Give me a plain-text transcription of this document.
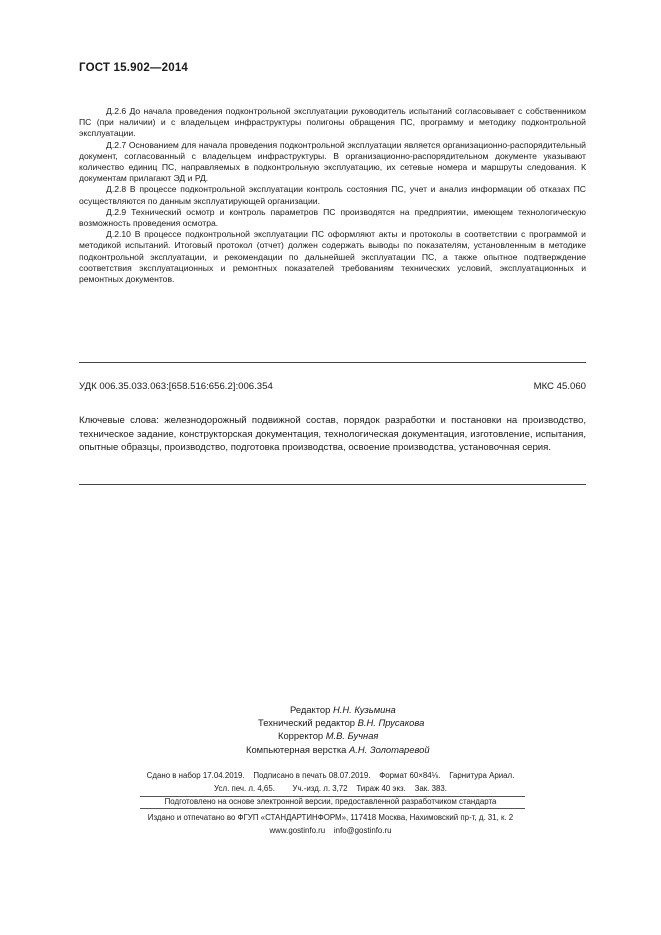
ГОСТ 15.902—2014

Д.2.6 До начала проведения подконтрольной эксплуатации руководитель испытаний согласовывает с собственником ПС (при наличии) и с владельцем инфраструктуры полигоны обращения ПС, программу и методику подконтрольной эксплуатации.

Д.2.7 Основанием для начала проведения подконтрольной эксплуатации является организационно-распорядительный документ, согласованный с владельцем инфраструктуры. В организационно-распорядительном документе указывают количество единиц ПС, направляемых в подконтрольную эксплуатацию, их сетевые номера и маршруты следования. К документам прилагают ЭД и РД.

Д.2.8 В процессе подконтрольной эксплуатации контроль состояния ПС, учет и анализ информации об отказах ПС осуществляются по данным эксплуатирующей организации.

Д.2.9 Технический осмотр и контроль параметров ПС производятся на предприятии, имеющем технологическую возможность проведения осмотра.

Д.2.10 В процессе подконтрольной эксплуатации ПС оформляют акты и протоколы в соответствии с программой и методикой испытаний. Итоговый протокол (отчет) должен содержать выводы по показателям, установленным в методике подконтрольной эксплуатации, и рекомендации по дальнейшей эксплуатации ПС, а также опытное подтверждение соответствия эксплуатационных и ремонтных показателей требованиям технических условий, эксплуатационных и ремонтных документов.

УДК 006.35.033.063:[658.516:656.2]:006.354	МКС 45.060
Ключевые слова: железнодорожный подвижной состав, порядок разработки и постановки на производство, техническое задание, конструкторская документация, технологическая документация, изготовление, испытания, опытные образцы, производство, подготовка производства, освоение производства, установочная серия.
Редактор Н.Н. Кузьмина
Технический редактор В.Н. Прусакова
Корректор М.В. Бучная
Компьютерная верстка А.Н. Золотаревой
Сдано в набор 17.04.2019.    Подписано в печать 08.07.2019.    Формат 60×84⅛.    Гарнитура Ариал.
Усл. печ. л. 4,65.        Уч.-изд. л. 3,72    Тираж 40 экз.    Зак. 383.
Подготовлено на основе электронной версии, предоставленной разработчиком стандарта
Издано и отпечатано во ФГУП «СТАНДАРТИНФОРМ», 117418 Москва, Нахимовский пр-т, д. 31, к. 2
www.gostinfo.ru    info@gostinfo.ru
